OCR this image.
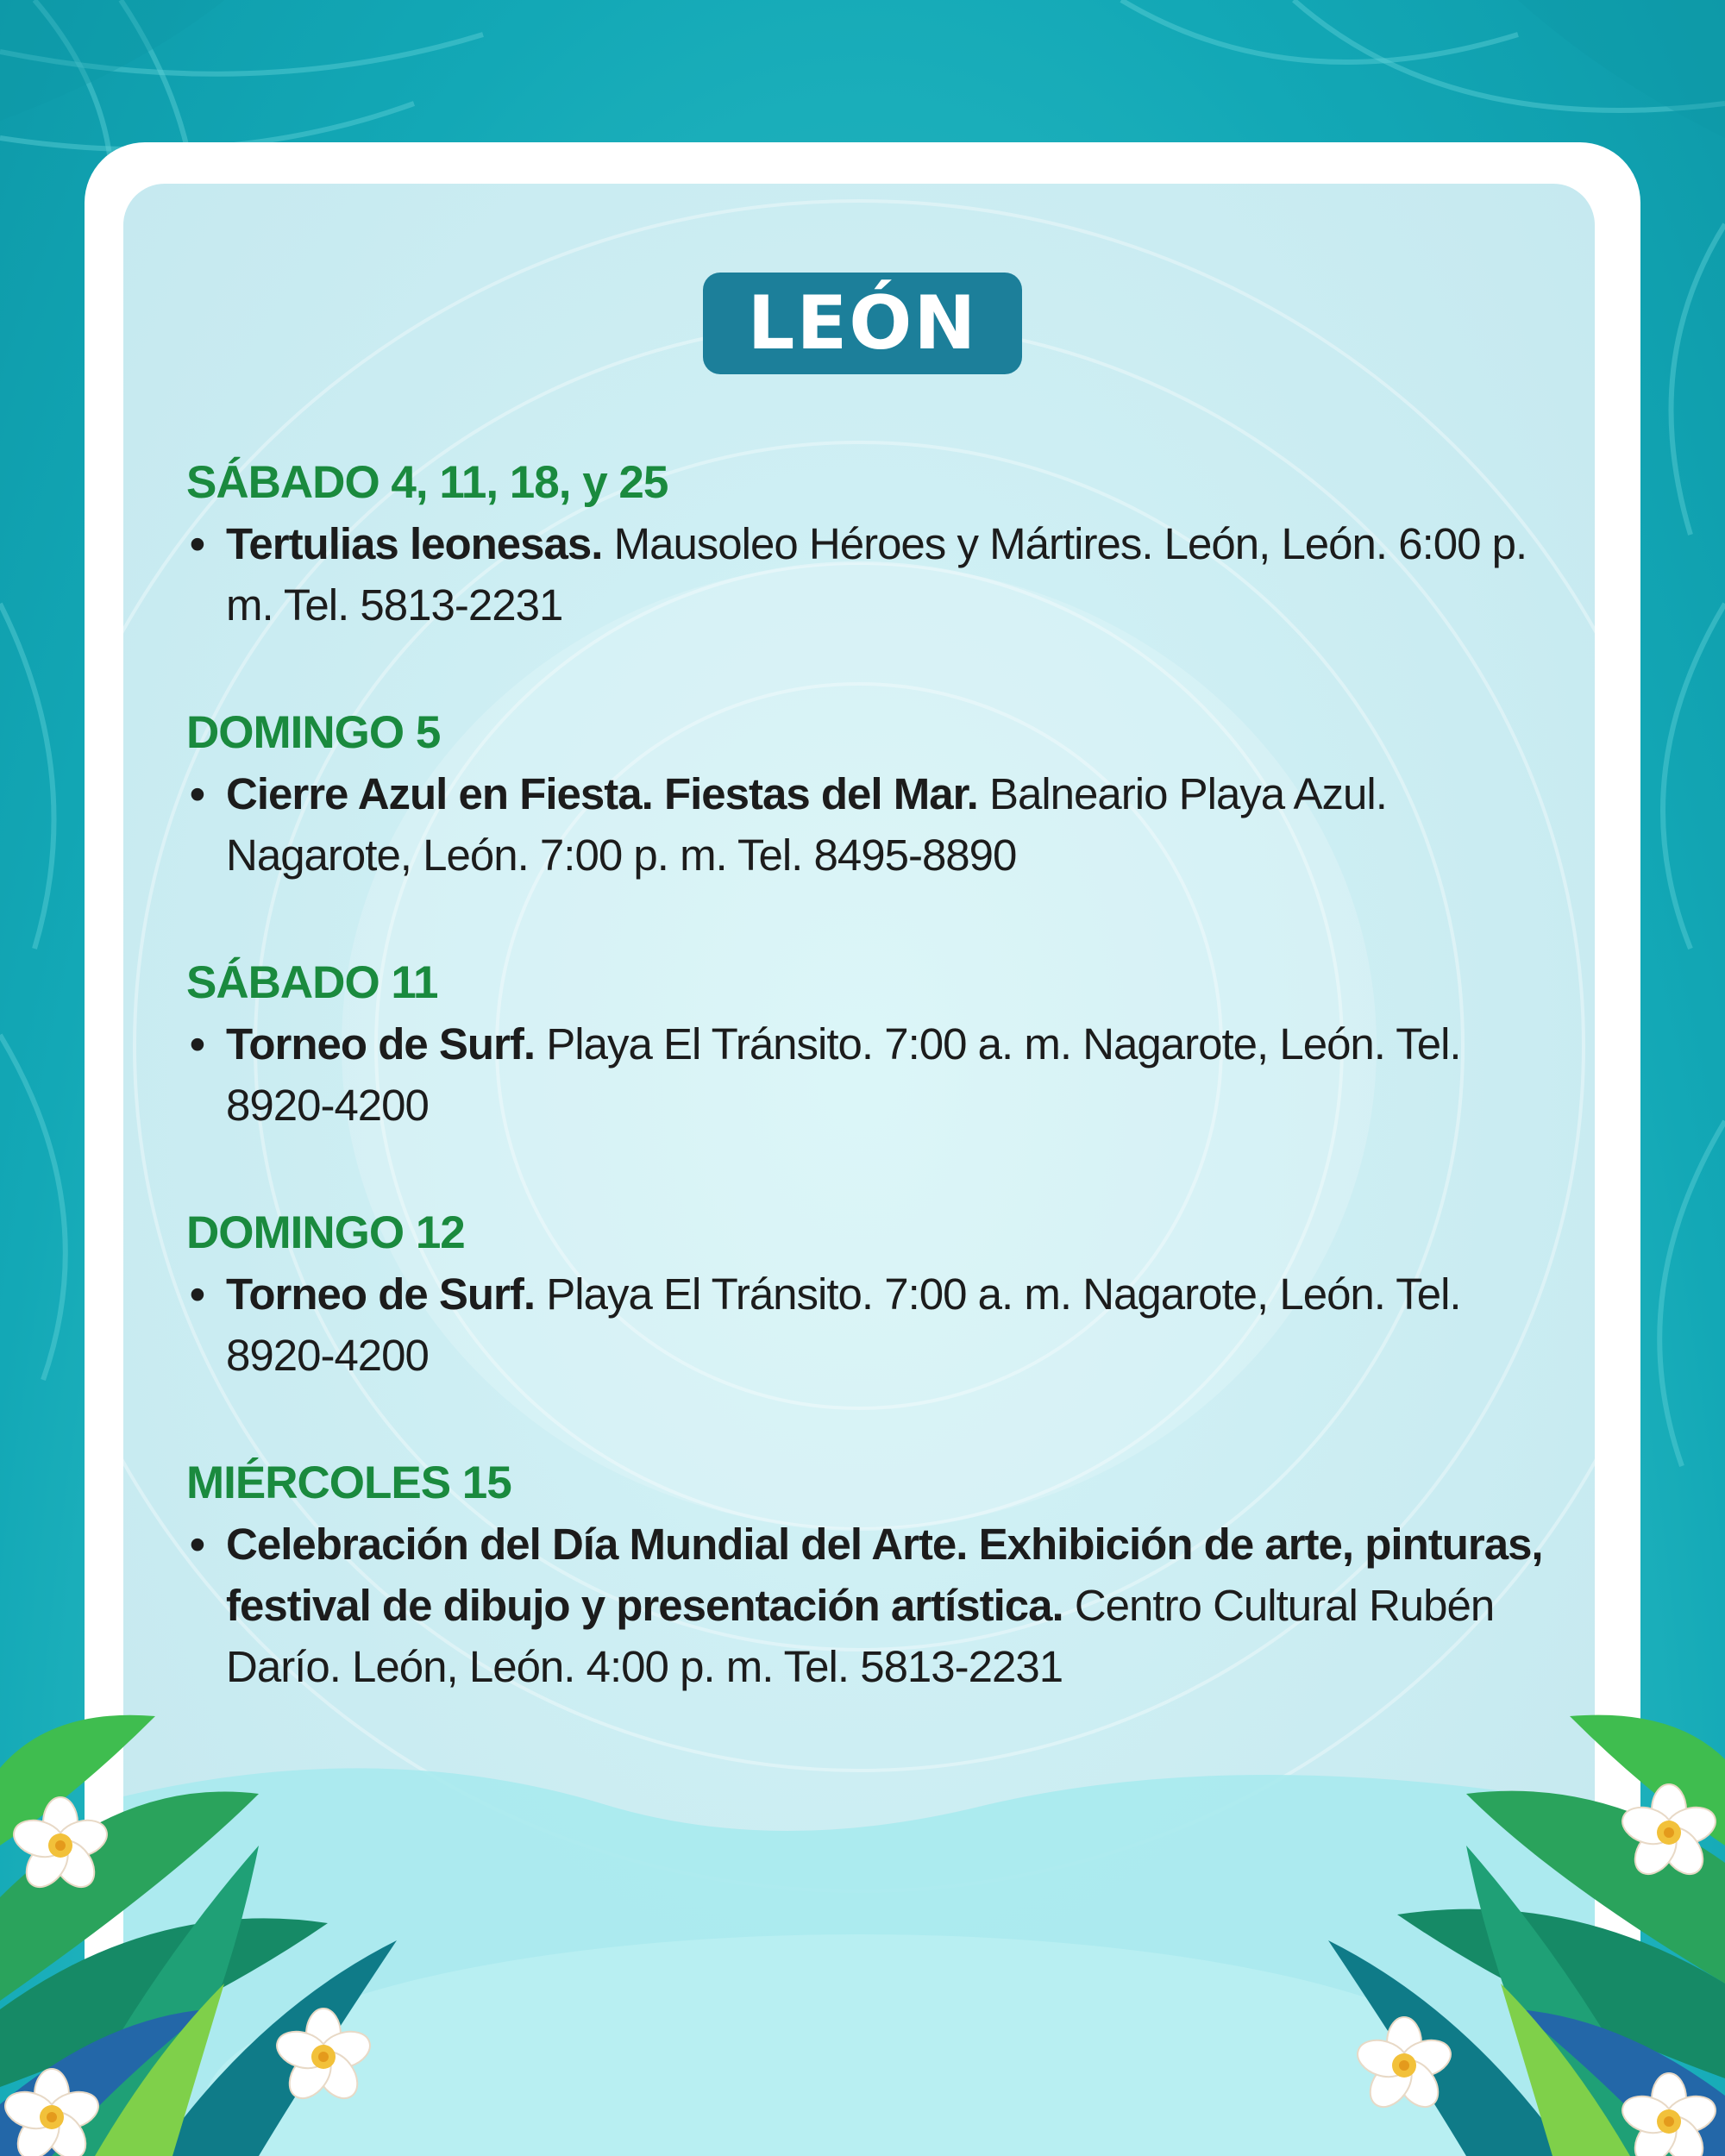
LEÓN
SÁBADO 4, 11, 18, y 25
• Tertulias leonesas. Mausoleo Héroes y Mártires. León, León. 6:00 p. m. Tel. 5813-2231
DOMINGO 5
• Cierre Azul en Fiesta. Fiestas del Mar. Balneario Playa Azul. Nagarote, León. 7:00 p. m. Tel. 8495-8890
SÁBADO 11
• Torneo de Surf. Playa El Tránsito. 7:00 a. m. Nagarote, León. Tel. 8920-4200
DOMINGO 12
• Torneo de Surf. Playa El Tránsito. 7:00 a. m. Nagarote, León. Tel. 8920-4200
MIÉRCOLES 15
• Celebración del Día Mundial del Arte. Exhibición de arte, pinturas, festival de dibujo y presentación artística. Centro Cultural Rubén Darío. León, León. 4:00 p. m. Tel. 5813-2231
